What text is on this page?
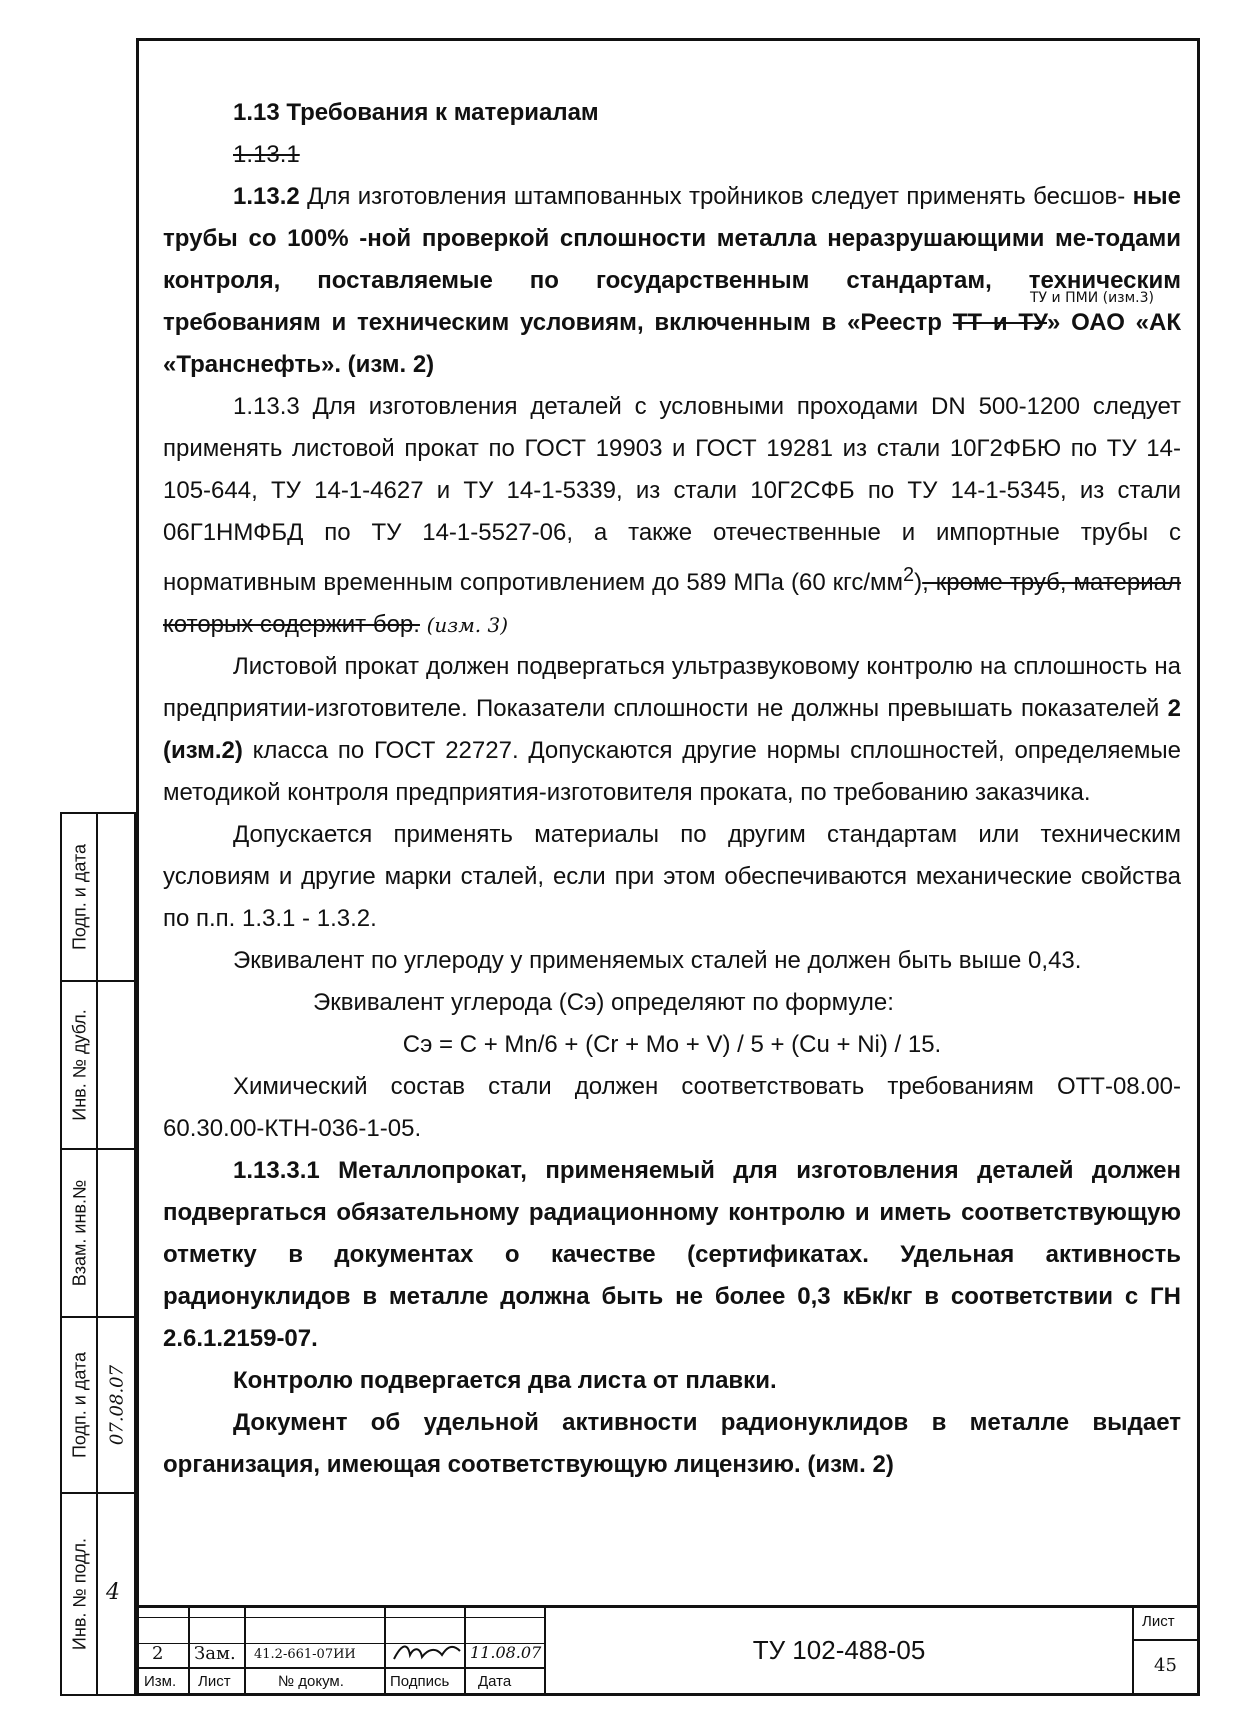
1.13 Требования к материалам

1.13.1

1.13.2 Для изготовления штампованных тройников следует применять бесшов- ные трубы со 100% -ной проверкой сплошности металла неразрушающими ме-тодами контроля, поставляемые по государственным стандартам, техническим требованиям и техническим условиям, включенным в «Реестр ТТ и ТУ» ОАО «АК «Транснефть». (изм. 2)

1.13.3 Для изготовления деталей с условными проходами DN 500-1200 следует применять листовой прокат по ГОСТ 19903 и ГОСТ 19281 из стали 10Г2ФБЮ по ТУ 14-105-644, ТУ 14-1-4627 и ТУ 14-1-5339, из стали 10Г2СФБ по ТУ 14-1-5345, из стали 06Г1НМФБД по ТУ 14-1-5527-06, а также отечественные и импортные трубы с нормативным временным сопротивлением до 589 МПа (60 кгс/$мм^2$), кроме труб, материал которых содержит бор. (изм. 3)

Листовой прокат должен подвергаться ультразвуковому контролю на сплошность на предприятии-изготовителе. Показатели сплошности не должны превышать показателей 2 (изм.2) класса по ГОСТ 22727. Допускаются другие нормы сплошностей, определяемые методикой контроля предприятия-изготовителя проката, по требованию заказчика.

Допускается применять материалы по другим стандартам или техническим условиям и другие марки сталей, если при этом обеспечиваются механические свойства по п.п. 1.3.1 - 1.3.2.

Эквивалент по углероду у применяемых сталей не должен быть выше 0,43.

Эквивалент углерода (Сэ) определяют по формуле:

Сэ = С + Mn/6 + (Cr + Mo + V) / 5 + (Cu + Ni) / 15.

Химический состав стали должен соответствовать требованиям ОТТ-08.00-60.30.00-КТН-036-1-05.

1.13.3.1 Металлопрокат, применяемый для изготовления деталей должен подвергаться обязательному радиационному контролю и иметь соответствующую отметку в документах о качестве (сертификатах. Удельная активность радионуклидов в металле должна быть не более 0,3 кБк/кг в соответствии с ГН 2.6.1.2159-07.

Контролю подвергается два листа от плавки.

Документ об удельной активности радионуклидов в металле выдает организация, имеющая соответствующую лицензию. (изм. 2)

ТУ и ПМИ (изм.3)
Подп. и дата
Инв. № дубл.
Взам. инв.№
Подп. и дата 07.08.07
Инв. № подл. 4
2 Зам. 41.2-661-07ИИ	11.08.07
Изм. Лист	№ докум.	Подпись Дата
ТУ 102-488-05
Лист
45
